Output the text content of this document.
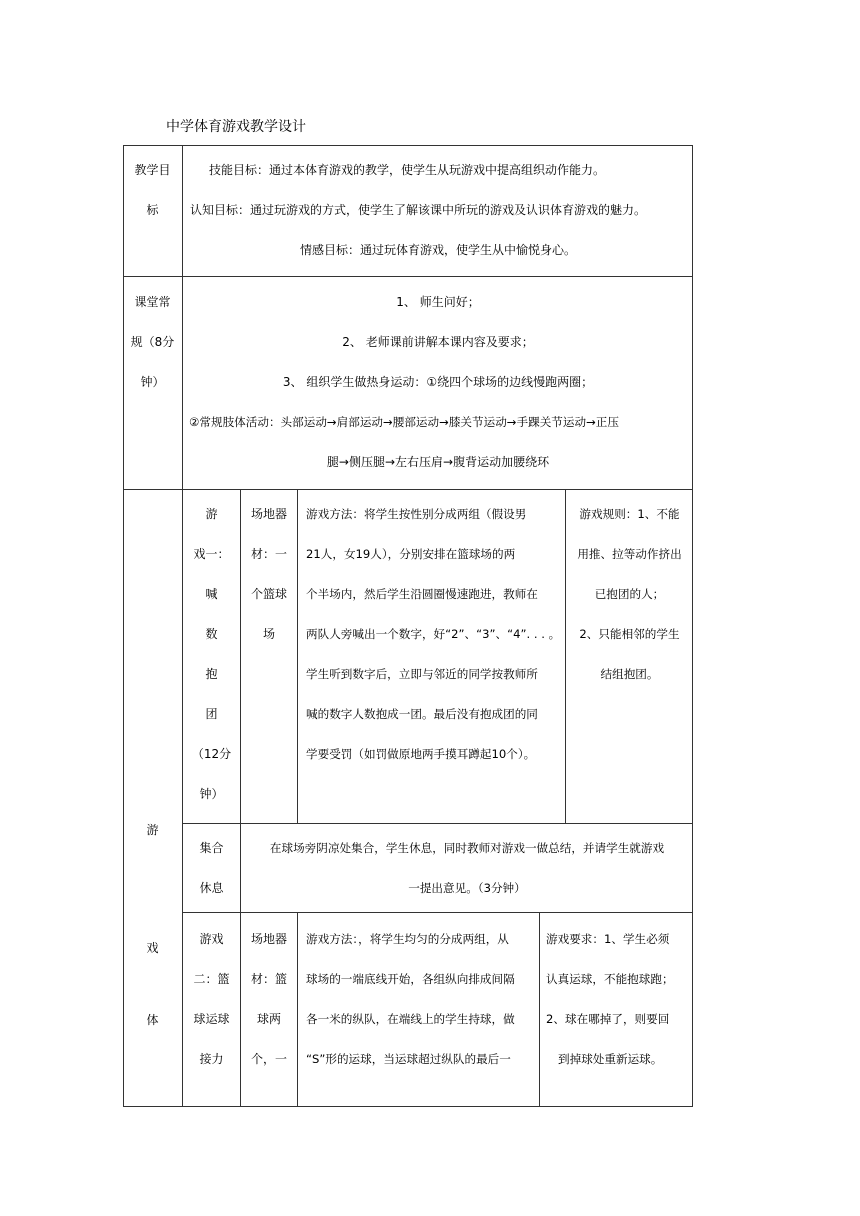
中学体育游戏教学设计

教学目

标

技能目标：通过本体育游戏的教学，使学生从玩游戏中提高组织动作能力。

认知目标：通过玩游戏的方式，使学生了解该课中所玩的游戏及认识体育游戏的魅力。

情感目标：通过玩体育游戏，使学生从中愉悦身心。

课堂常

规（8分

钟）

1、 师生问好；

2、 老师课前讲解本课内容及要求；

3、 组织学生做热身运动：①绕四个球场的边线慢跑两圈；

②常规肢体活动：头部运动→肩部运动→腰部运动→膝关节运动→手踝关节运动→正压

腿→侧压腿→左右压肩→腹背运动加腰绕环

游

戏

体

游

戏一：

喊

数

抱

团

（12分

钟）

场地器

材：一

个篮球

场

游戏方法：将学生按性别分成两组（假设男

21人，女19人），分别安排在篮球场的两

个半场内，然后学生沿圆圈慢速跑进，教师在

两队人旁喊出一个数字，好“2”、“3”、“4”. . . 。

学生听到数字后，立即与邻近的同学按教师所

喊的数字人数抱成一团。最后没有抱成团的同

学要受罚（如罚做原地两手摸耳蹲起10个）。

游戏规则：1、不能

用推、拉等动作挤出

已抱团的人；

2、只能相邻的学生

结组抱团。

集合

休息

在球场旁阴凉处集合，学生休息，同时教师对游戏一做总结，并请学生就游戏

一提出意见。（3分钟）

游戏

二：篮

球运球

接力

场地器

材：篮

球两

个，一

游戏方法：，将学生均匀的分成两组，从

球场的一端底线开始，各组纵向排成间隔

各一米的纵队，在端线上的学生持球，做

“S”形的运球，当运球超过纵队的最后一

游戏要求：1、学生必须

认真运球，不能抱球跑；

2、球在哪掉了，则要回

到掉球处重新运球。
